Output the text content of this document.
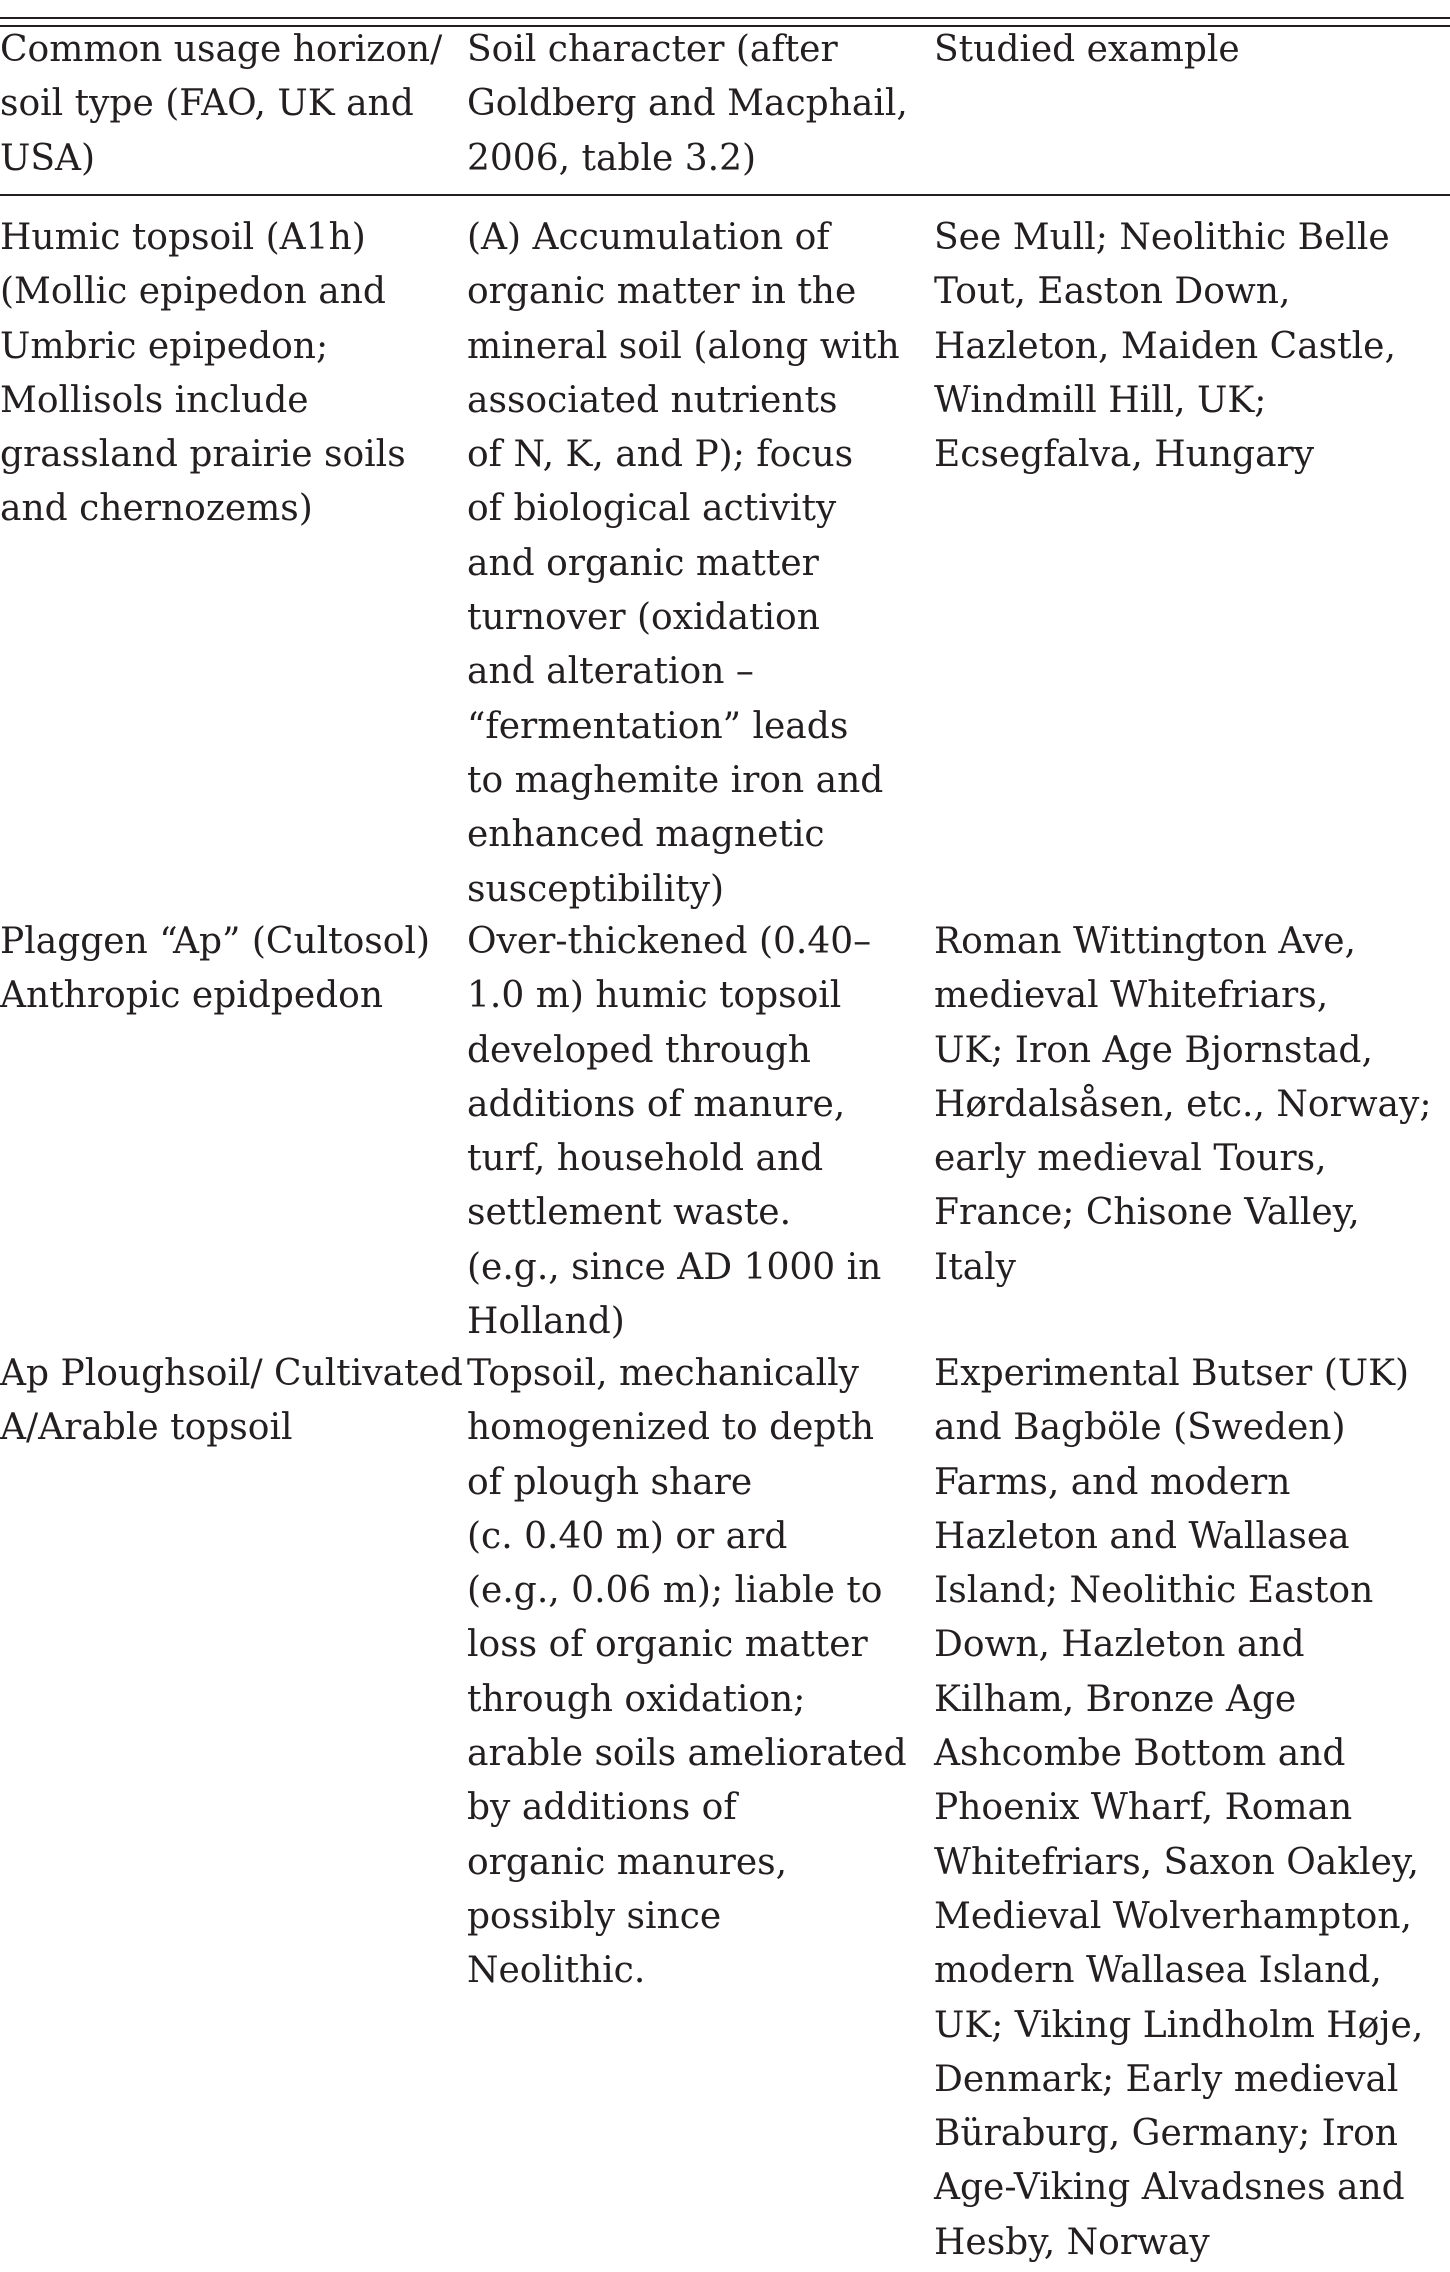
Common usage horizon/
soil type (FAO, UK and
USA)
Soil character (after
Goldberg and Macphail,
2006, table 3.2)
Studied example
Humic topsoil (A1h)
(Mollic epipedon and
Umbric epipedon;
Mollisols include
grassland prairie soils
and chernozems)
(A) Accumulation of
organic matter in the
mineral soil (along with
associated nutrients
of N, K, and P); focus
of biological activity
and organic matter
turnover (oxidation
and alteration –
“fermentation” leads
to maghemite iron and
enhanced magnetic
susceptibility)
See Mull; Neolithic Belle
Tout, Easton Down,
Hazleton, Maiden Castle,
Windmill Hill, UK;
Ecsegfalva, Hungary
Plaggen “Ap” (Cultosol)
Anthropic epidpedon
Over-thickened (0.40–
1.0 m) humic topsoil
developed through
additions of manure,
turf, household and
settlement waste.
(e.g., since AD 1000 in
Holland)
Roman Wittington Ave,
medieval Whitefriars,
UK; Iron Age Bjornstad,
Hørdalsåsen, etc., Norway;
early medieval Tours,
France; Chisone Valley,
Italy
Ap Ploughsoil/ Cultivated
A/Arable topsoil
Topsoil, mechanically
homogenized to depth
of plough share
(c. 0.40 m) or ard
(e.g., 0.06 m); liable to
loss of organic matter
through oxidation;
arable soils ameliorated
by additions of
organic manures,
possibly since
Neolithic.
Experimental Butser (UK)
and Bagböle (Sweden)
Farms, and modern
Hazleton and Wallasea
Island; Neolithic Easton
Down, Hazleton and
Kilham, Bronze Age
Ashcombe Bottom and
Phoenix Wharf, Roman
Whitefriars, Saxon Oakley,
Medieval Wolverhampton,
modern Wallasea Island,
UK; Viking Lindholm Høje,
Denmark; Early medieval
Büraburg, Germany; Iron
Age-Viking Alvadsnes and
Hesby, Norway
